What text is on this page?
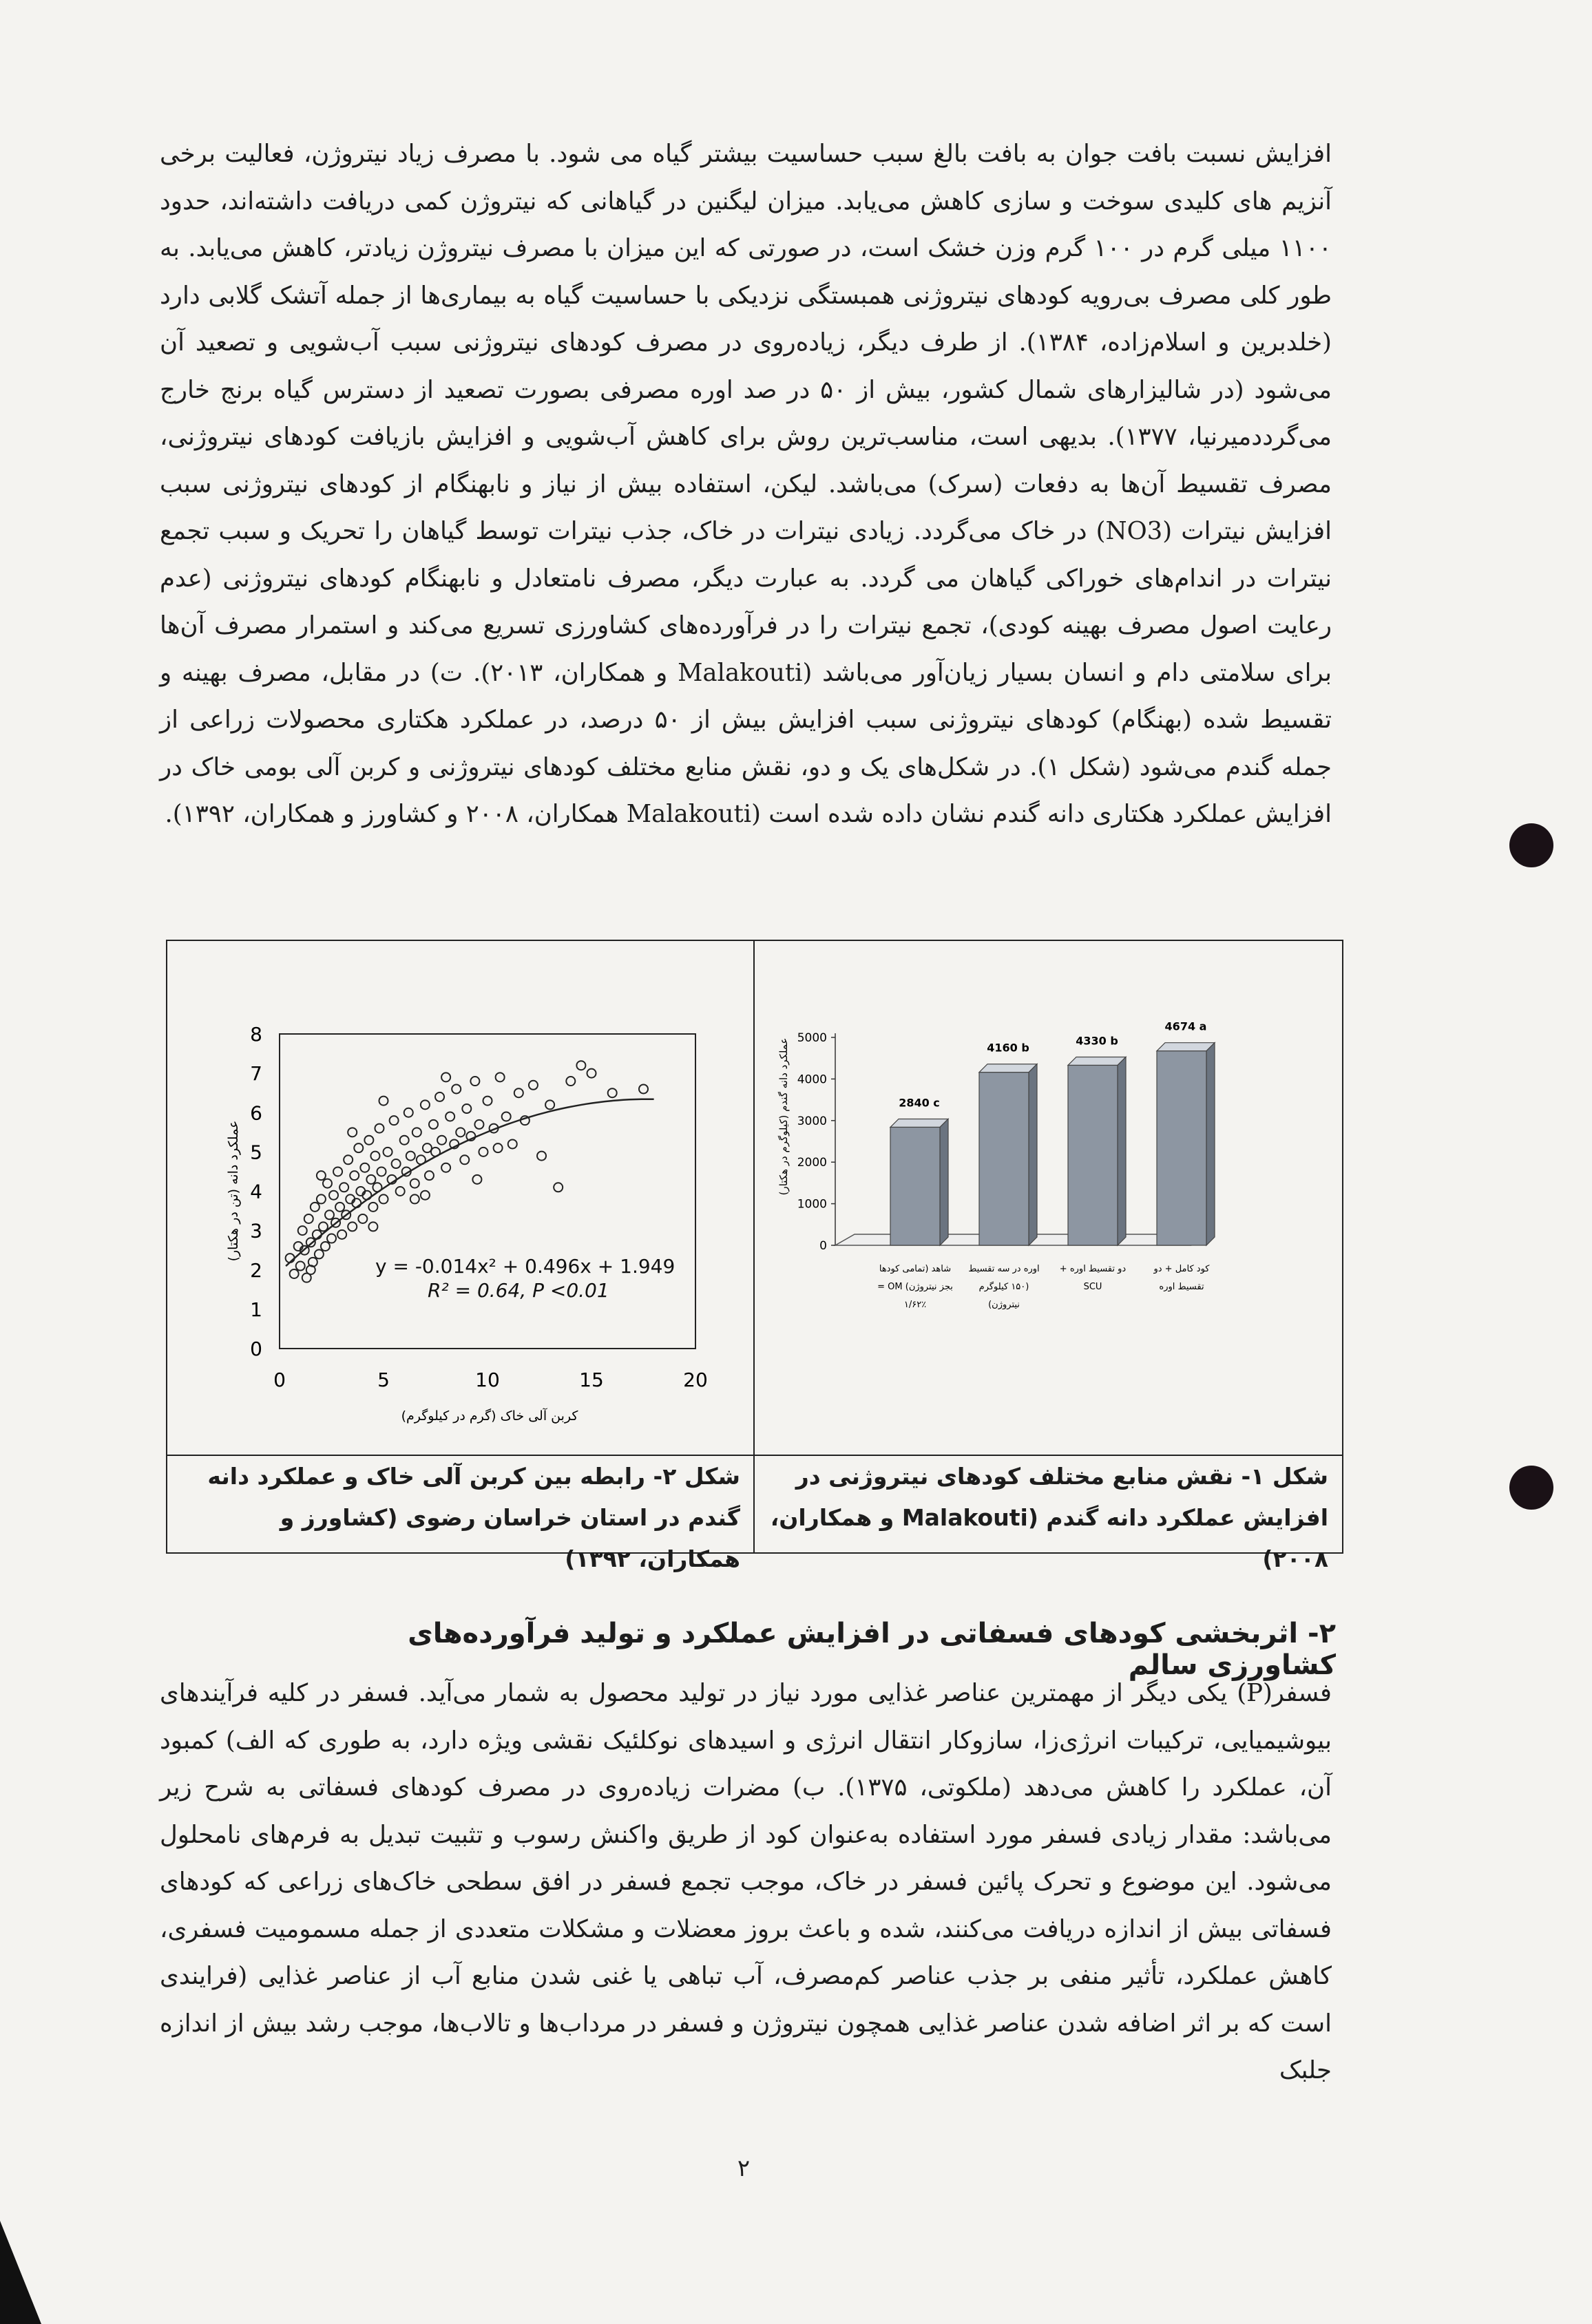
افزایش نسبت بافت جوان به بافت بالغ سبب حساسیت بیشتر گیاه می شود. با مصرف زیاد نیتروژن، فعالیت برخی آنزیم های کلیدی سوخت و سازی کاهش می‌یابد. میزان لیگنین در گیاهانی که نیتروژن کمی دریافت داشته‌اند، حدود ۱۱۰۰ میلی گرم در ۱۰۰ گرم وزن خشک است، در صورتی که این میزان با مصرف نیتروژن زیادتر، کاهش می‌یابد. به طور کلی مصرف بی‌رویه کودهای نیتروژنی همبستگی نزدیکی با حساسیت گیاه به بیماری‌ها از جمله آتشک گلابی دارد (خلدبرین و اسلام‌زاده، ۱۳۸۴). از طرف دیگر، زیاده‌روی در مصرف کودهای نیتروژنی سبب آب‌شویی و تصعید آن می‌شود (در شالیزارهای شمال کشور، بیش از ۵۰ در صد اوره مصرفی بصورت تصعید از دسترس گیاه برنج خارج می‌گردد‌میرنیا، ۱۳۷۷). بدیهی است، مناسب‌ترین روش برای کاهش آب‌شویی و افزایش بازیافت کودهای نیتروژنی، مصرف تقسیط آن‌ها به دفعات (سرک) می‌باشد. لیکن، استفاده بیش از نیاز و نابهنگام از کودهای نیتروژنی سبب افزایش نیترات (NO3) در خاک می‌گردد. زیادی نیترات در خاک، جذب نیترات توسط گیاهان را تحریک و سبب تجمع نیترات در اندام‌های خوراکی گیاهان می گردد. به عبارت دیگر، مصرف نامتعادل و نابهنگام کودهای نیتروژنی (عدم رعایت اصول مصرف بهینه کودی)، تجمع نیترات را در فرآورده‌های کشاورزی تسریع می‌کند و استمرار مصرف آن‌ها برای سلامتی دام و انسان بسیار زیان‌آور می‌باشد (Malakouti و همکاران، ۲۰۱۳). ت) در مقابل، مصرف بهینه و تقسیط شده (بهنگام) کودهای نیتروژنی سبب افزایش بیش از ۵۰ درصد، در عملکرد هکتاری محصولات زراعی از جمله گندم می‌شود (شکل ۱). در شکل‌های یک و دو، نقش منابع مختلف کودهای نیتروژنی و کربن آلی بومی خاک در افزایش عملکرد هکتاری دانه گندم نشان داده شده است (Malakouti همکاران، ۲۰۰۸ و کشاورز و همکاران، ۱۳۹۲).

0
1
2
3
4
5
6
7
8
0	5	10	15	20
y = -0.014x² + 0.496x + 1.949
R² = 0.64, P <0.01
کربن آلی خاک (گرم در کیلوگرم)
عملکرد دانه (تن در هکتار)	0
1000
2000
3000
4000
5000
2840 c
4160 b
4330 b
4674 a
شاهد (تمامی کودها بجز نیتروژن) OM = ۱/۶۲٪
اوره در سه تقسیط (۱۵۰ کیلوگرم نیتروژن)
دو تقسیط اوره + SCU
کود کامل + دو تقسیط اوره
عملکرد دانه گندم (کیلوگرم در هکتار)
شکل ۲- رابطه بین کربن آلی خاک و عملکرد دانه گندم در استان خراسان رضوی (کشاورز و همکاران، ۱۳۹۲)
شکل ۱- نقش منابع مختلف کودهای نیتروژنی در افزایش عملکرد دانه گندم (Malakouti و همکاران، ۲۰۰۸)
۲- اثربخشی کودهای فسفاتی در افزایش عملکرد و تولید فرآورده‌های کشاورزی سالم

فسفر(P) یکی دیگر از مهمترین عناصر غذایی مورد نیاز در تولید محصول به شمار می‌آید. فسفر در کلیه فرآیندهای بیوشیمیایی، ترکیبات انرژی‌زا، سازوکار انتقال انرژی و اسیدهای نوکلئیک نقشی ویژه دارد، به طوری که الف) کمبود آن، عملکرد را کاهش می‌دهد (ملکوتی، ۱۳۷۵). ب) مضرات زیاده‌روی در مصرف کودهای فسفاتی به شرح زیر می‌باشد: مقدار زیادی فسفر مورد استفاده به‌عنوان کود از طریق واکنش رسوب و تثبیت تبدیل به فرم‌های نامحلول می‌شود. این موضوع و تحرک پائین فسفر در خاک، موجب تجمع فسفر در افق سطحی خاک‌های زراعی که کودهای فسفاتی بیش از اندازه دریافت می‌کنند، شده و باعث بروز معضلات و مشکلات متعددی از جمله مسمومیت فسفری، کاهش عملکرد، تأثیر منفی بر جذب عناصر کم‌مصرف، آب تباهی یا غنی شدن منابع آب از عناصر غذایی (فرایندی است که بر اثر اضافه شدن عناصر غذایی همچون نیتروژن و فسفر در مرداب‌ها و تالاب‌ها، موجب رشد بیش از اندازه جلبک

۲
